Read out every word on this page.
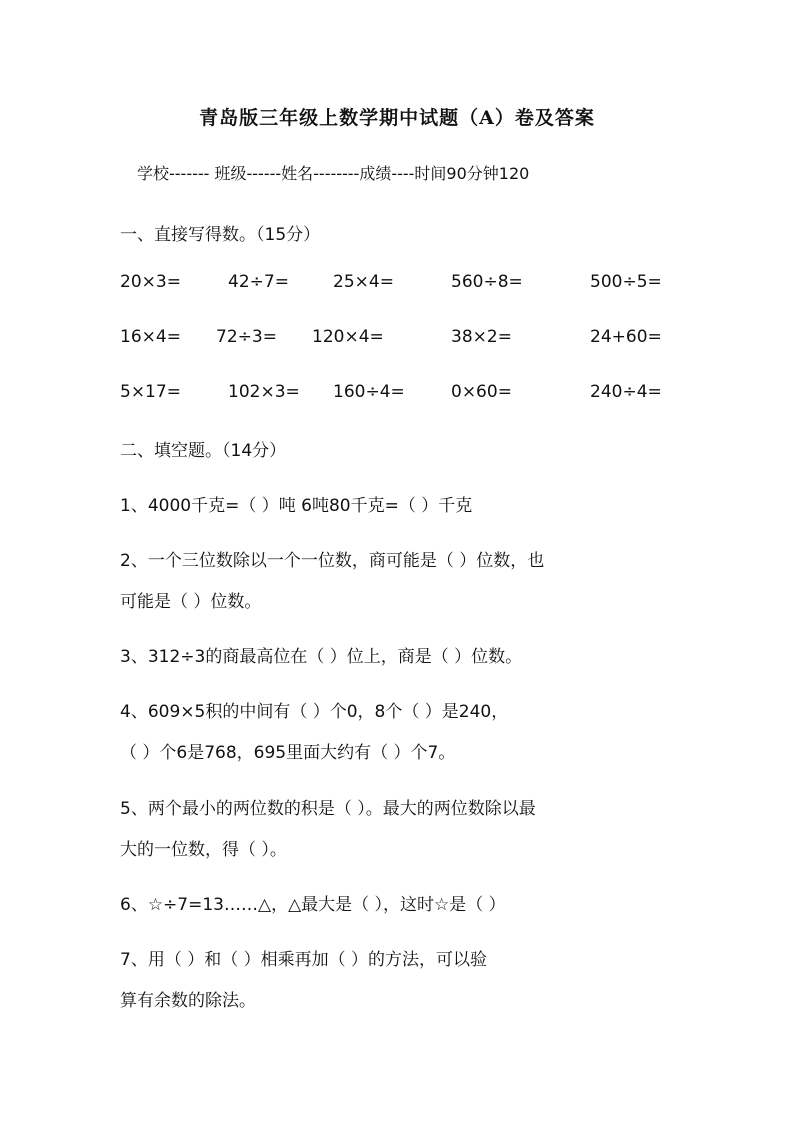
青岛版三年级上数学期中试题（A）卷及答案
学校------- 班级------姓名--------成绩----时间90分钟120
一、直接写得数。（15分）
20×3=	42÷7=	25×4=	560÷8=	500÷5=
16×4= 72÷3= 120×4=	38×2=	24+60=
5×17=	102×3= 160÷4=	0×60=	240÷4=
二、填空题。（14分）
1、4000千克=（ ）吨 6吨80千克=（ ）千克
2、一个三位数除以一个一位数，商可能是（ ）位数，也
可能是（ ）位数。
3、312÷3的商最高位在（ ）位上，商是（ ）位数。
4、609×5积的中间有（ ）个0，8个（ ）是240，
（ ）个6是768，695里面大约有（ ）个7。
5、两个最小的两位数的积是（ ）。最大的两位数除以最
大的一位数，得（ ）。
6、☆÷7=13……△，△最大是（ ），这时☆是（ ）
7、用（ ）和（ ）相乘再加（ ）的方法，可以验
算有余数的除法。
